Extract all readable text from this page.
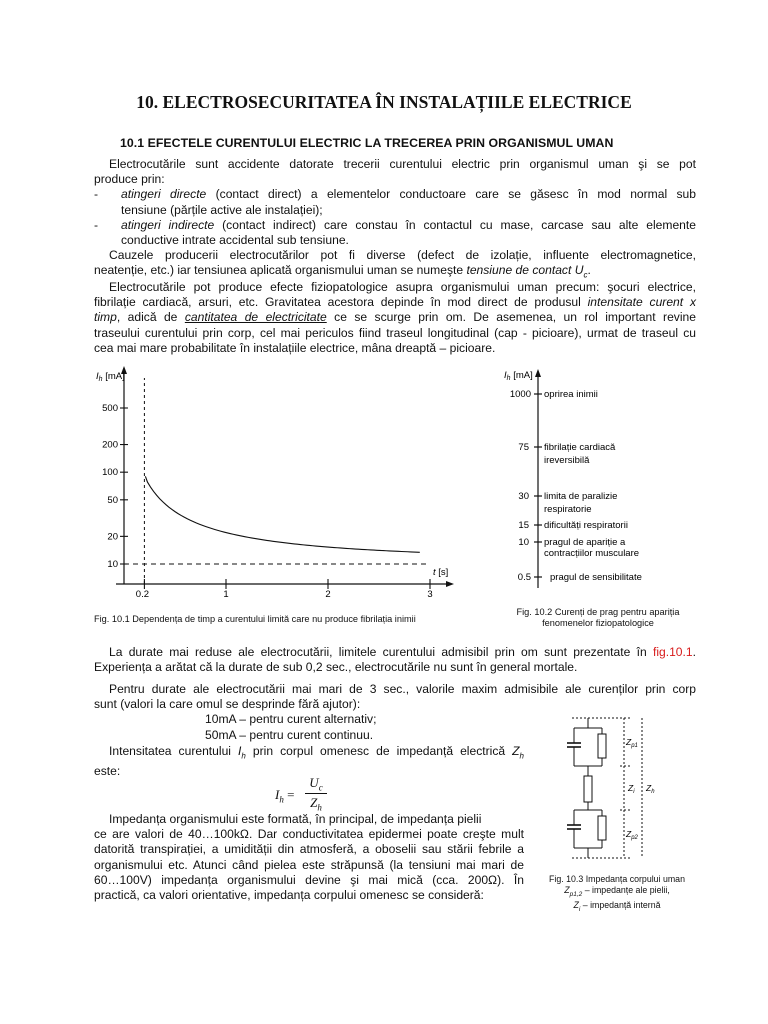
10. ELECTROSECURITATEA ÎN INSTALAȚIILE ELECTRICE
10.1 EFECTELE CURENTULUI ELECTRIC LA TRECEREA PRIN ORGANISMUL UMAN
Electrocutările sunt accidente datorate trecerii curentului electric prin organismul uman şi se pot
produce prin:
- atingeri directe (contact direct) a elementelor conductoare care se găsesc în mod normal sub
tensiune (părțile active ale instalației);
- atingeri indirecte (contact indirect) care constau în contactul cu mase, carcase sau alte elemente
conductive intrate accidental sub tensiune.
Cauzele producerii electrocutărilor pot fi diverse (defect de izolație, influente electromagnetice,
neatenție, etc.) iar tensiunea aplicată organismului uman se numeşte tensiune de contact $U_c$.
Electrocutările pot produce efecte fiziopatologice asupra organismului uman precum: şocuri electrice,
fibrilație cardiacă, arsuri, etc. Gravitatea acestora depinde în mod direct de produsul intensitate curent x
timp, adică de cantitatea de electricitate ce se scurge prin om. De asemenea, un rol important revine
traseului curentului prin corp, cel mai periculos fiind traseul longitudinal (cap - picioare), urmat de traseul cu
cea mai mare probabilitate în instalațiile electrice, mâna dreaptă – picioare.
$I_h$ [mA]
t [s]
10
20
50
100
200
500
0.2	1	2	3
Fig. 10.1 Dependența de timp a curentului limită care nu produce fibrilația inimii
$I_h$ [mA]
1000 oprirea inimii
75 fibrilație cardiacă
ireversibilă
30 limita de paralizie
respiratorie
15 dificultăți respiratorii
10 pragul de apariție a
contracțiilor musculare
0.5 pragul de sensibilitate
Fig. 10.2 Curenți de prag pentru apariția
fenomenelor fiziopatologice
La durate mai reduse ale electrocutării, limitele curentului admisibil prin om sunt prezentate în fig.10.1.
Experiența a arătat că la durate de sub 0,2 sec., electrocutările nu sunt în general mortale.
Pentru durate ale electrocutării mai mari de 3 sec., valorile maxim admisibile ale curenților prin corp
sunt (valori la care omul se desprinde fără ajutor):
10mA – pentru curent alternativ;
50mA – pentru curent continuu.
Intensitatea curentului $I_h$ prin corpul omenesc de impedanță electrică $Z_h$
este:
$I_h$ =
$U_c$
$Z_h$
Impedanța organismului este formată, în principal, de impedanța pielii
ce are valori de 40…100kΩ. Dar conductivitatea epidermei poate creşte mult
datorită transpirației, a umidității din atmosferă, a oboselii sau stării febrile a
organismului etc. Atunci când pielea este străpunsă (la tensiuni mai mari de
60…100V) impedanța organismului devine şi mai mică (cca. 200Ω). În
practică, ca valori orientative, impedanța corpului omenesc se consideră:
$Z_{p1}$
$Z_i$ $Z_h$
$Z_{p2}$
Fig. 10.3 Impedanța corpului uman
$Z_{p1,2}$ – impedanțe ale pielii,
$Z_i$ – impedanță internă
